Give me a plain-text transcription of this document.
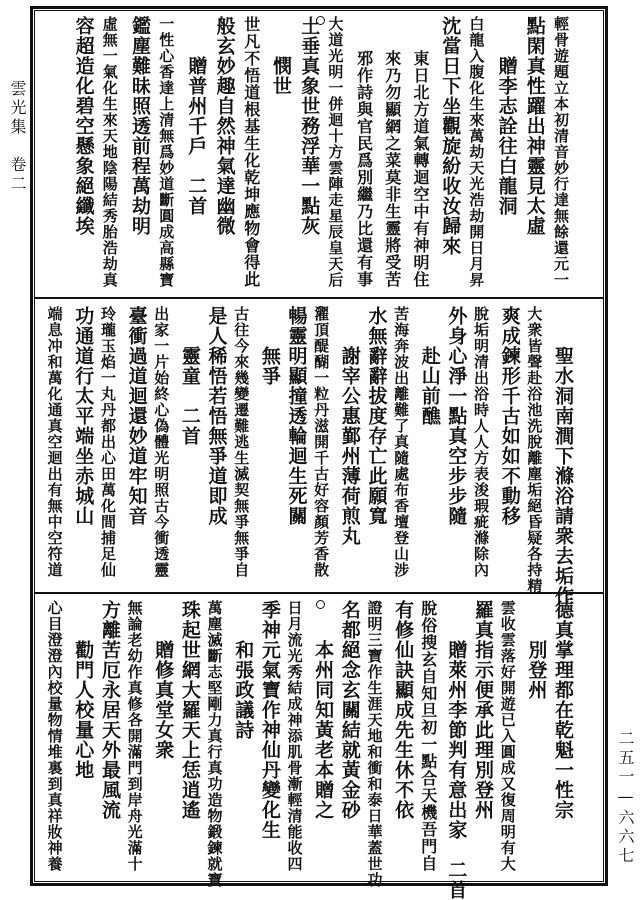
雲光集　卷二
二五一—六六七
輕骨遊題立本初清音妙行達無餘還元一
點閑真性躍出神靈見太虛
　　贈李志詮往白龍洞
白龍入腹化生來萬劫天光浩劫開日月昇
沈當日下坐觀旋紛收汝歸來
　　東日北方道氣轉迴空中有神明住
　　來乃勿顯網之菜莫非生靈將受苦
　　邪作詩與官民爲別繼乃比還有事
大道光明一併迴十方雲陣走星辰皇天后
土垂真象世務浮華一點灰
　　憫世
世凡不悟道根基生化乾坤應物會得此
般玄妙趣自然神氣達幽微
　　贈普州千戶　二首
一性心香達上清無爲妙道斷圓成高縣寶
鑑塵難昧照透前程萬劫明
虛無一氣化生來天地陰陽結秀胎浩劫真
容超造化碧空懸象絕纖埃
　　聖水洞南澗下滌浴請衆去垢作
大衆皆聲赴浴池洗脫離塵垢絕昏疑各持精
爽成鍊形千古如如不動移
脫垢明清出浴時人人方表浚瑕疵滌除內
外身心淨一點真空步步隨
　　赴山前醮
苦海奔波出離難了真隨處布香壇登山涉
水無辭辭拔度存亡此願寬
　　謝宰公惠鄞州薄荷煎丸
濯頂醍醐一粒丹滋開千古好容顏芳香散
暢靈明顯撞透輪迴生死關
　　無爭
古往今來幾變遷難逃生滅契無爭無爭自
是人稀悟若悟無爭道即成
　　靈童　二首
出家一片始終心偽體光明照古今衝透靈
臺衝過道迴還妙道牢知音
玲瓏玉焰一丸丹都出心田萬化間捕足仙
功通道行太平端坐赤城山
端息冲和萬化通真空迴出有無中空符道
德真掌理都在乾魁一性宗
　　別登州
雲收雲落好開遊已入圓成又復周明有大
羅真指示便承此理別登州
　　贈萊州李節判有意出家　二首
脫俗搜玄自知旦初一點合天機吾門自
有修仙訣顯成先生休不依
證明三寶作生涯天地和衝和泰日華蓋世功
名都絕念玄關結就黃金砂
　　本州同知黃老本贈之
日月流光秀結成神添肌骨漸輕清能收四
季神元氣寶作神仙丹變化生
　　和張政議詩
萬塵滅斷志堅剛力真行真功造物鍛鍊就寶
珠起世網大羅天上恁逍遙
　　贈修真堂女衆
無論老幼作真修各開滿門到岸舟光滿十
方離苦厄永居天外最風流
　　勸門人校量心地
心目澄澄內校量物情堆裏到真祥妝神養
